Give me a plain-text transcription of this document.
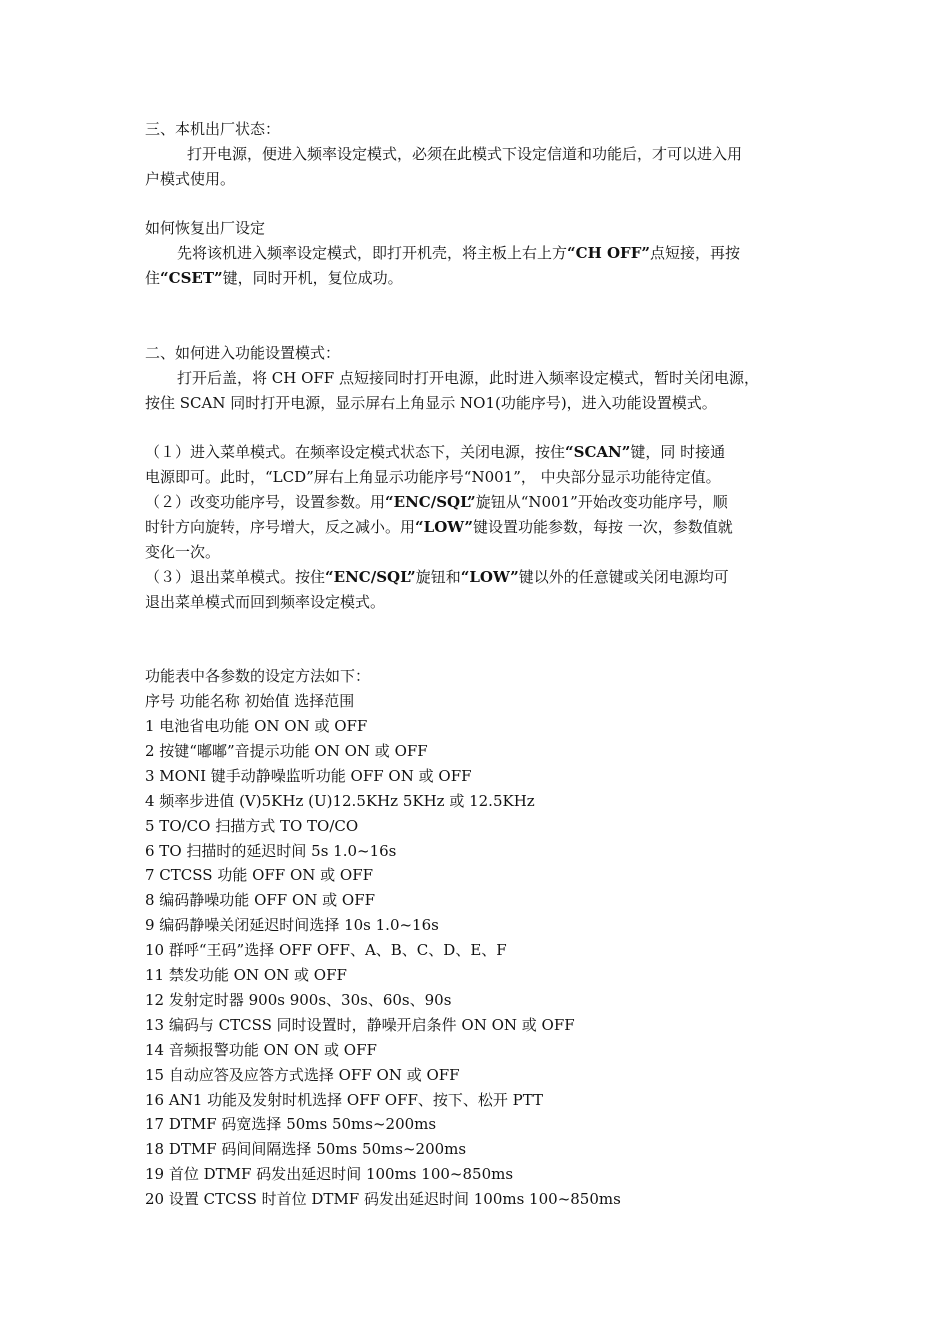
三、本机出厂状态：
打开电源，便进入频率设定模式，必须在此模式下设定信道和功能后，才可以进入用
户模式使用。
如何恢复出厂设定
先将该机进入频率设定模式，即打开机壳，将主板上右上方“CH OFF”点短接，再按
住“CSET”键，同时开机，复位成功。
二、如何进入功能设置模式：
打开后盖，将 CH OFF 点短接同时打开电源，此时进入频率设定模式，暂时关闭电源，
按住 SCAN 同时打开电源，显示屏右上角显示 NO1(功能序号)，进入功能设置模式。
（１）进入菜单模式。在频率设定模式状态下，关闭电源，按住“SCAN”键，同 时接通
电源即可。此时，“LCD”屏右上角显示功能序号“N001”， 中央部分显示功能待定值。
（２）改变功能序号，设置参数。用“ENC/SQL”旋钮从“N001”开始改变功能序号，顺
时针方向旋转，序号增大，反之减小。用“LOW”键设置功能参数，每按 一次，参数值就
变化一次。
（３）退出菜单模式。按住“ENC/SQL”旋钮和“LOW”键以外的任意键或关闭电源均可
退出菜单模式而回到频率设定模式。
功能表中各参数的设定方法如下：
序号 功能名称 初始值 选择范围
1 电池省电功能 ON ON 或 OFF
2 按键“嘟嘟”音提示功能 ON ON 或 OFF
3 MONI 键手动静噪监听功能 OFF ON 或 OFF
4 频率步进值 (V)5KHz (U)12.5KHz 5KHz 或 12.5KHz
5 TO/CO 扫描方式 TO TO/CO
6 TO 扫描时的延迟时间 5s 1.0~16s
7 CTCSS 功能 OFF ON 或 OFF
8 编码静噪功能 OFF ON 或 OFF
9 编码静噪关闭延迟时间选择 10s 1.0~16s
10 群呼“王码”选择 OFF OFF、A、B、C、D、E、F
11 禁发功能 ON ON 或 OFF
12 发射定时器 900s 900s、30s、60s、90s
13 编码与 CTCSS 同时设置时，静噪开启条件 ON ON 或 OFF
14 音频报警功能 ON ON 或 OFF
15 自动应答及应答方式选择 OFF ON 或 OFF
16 AN1 功能及发射时机选择 OFF OFF、按下、松开 PTT
17 DTMF 码宽选择 50ms 50ms~200ms
18 DTMF 码间间隔选择 50ms 50ms~200ms
19 首位 DTMF 码发出延迟时间 100ms 100~850ms
20 设置 CTCSS 时首位 DTMF 码发出延迟时间 100ms 100~850ms
